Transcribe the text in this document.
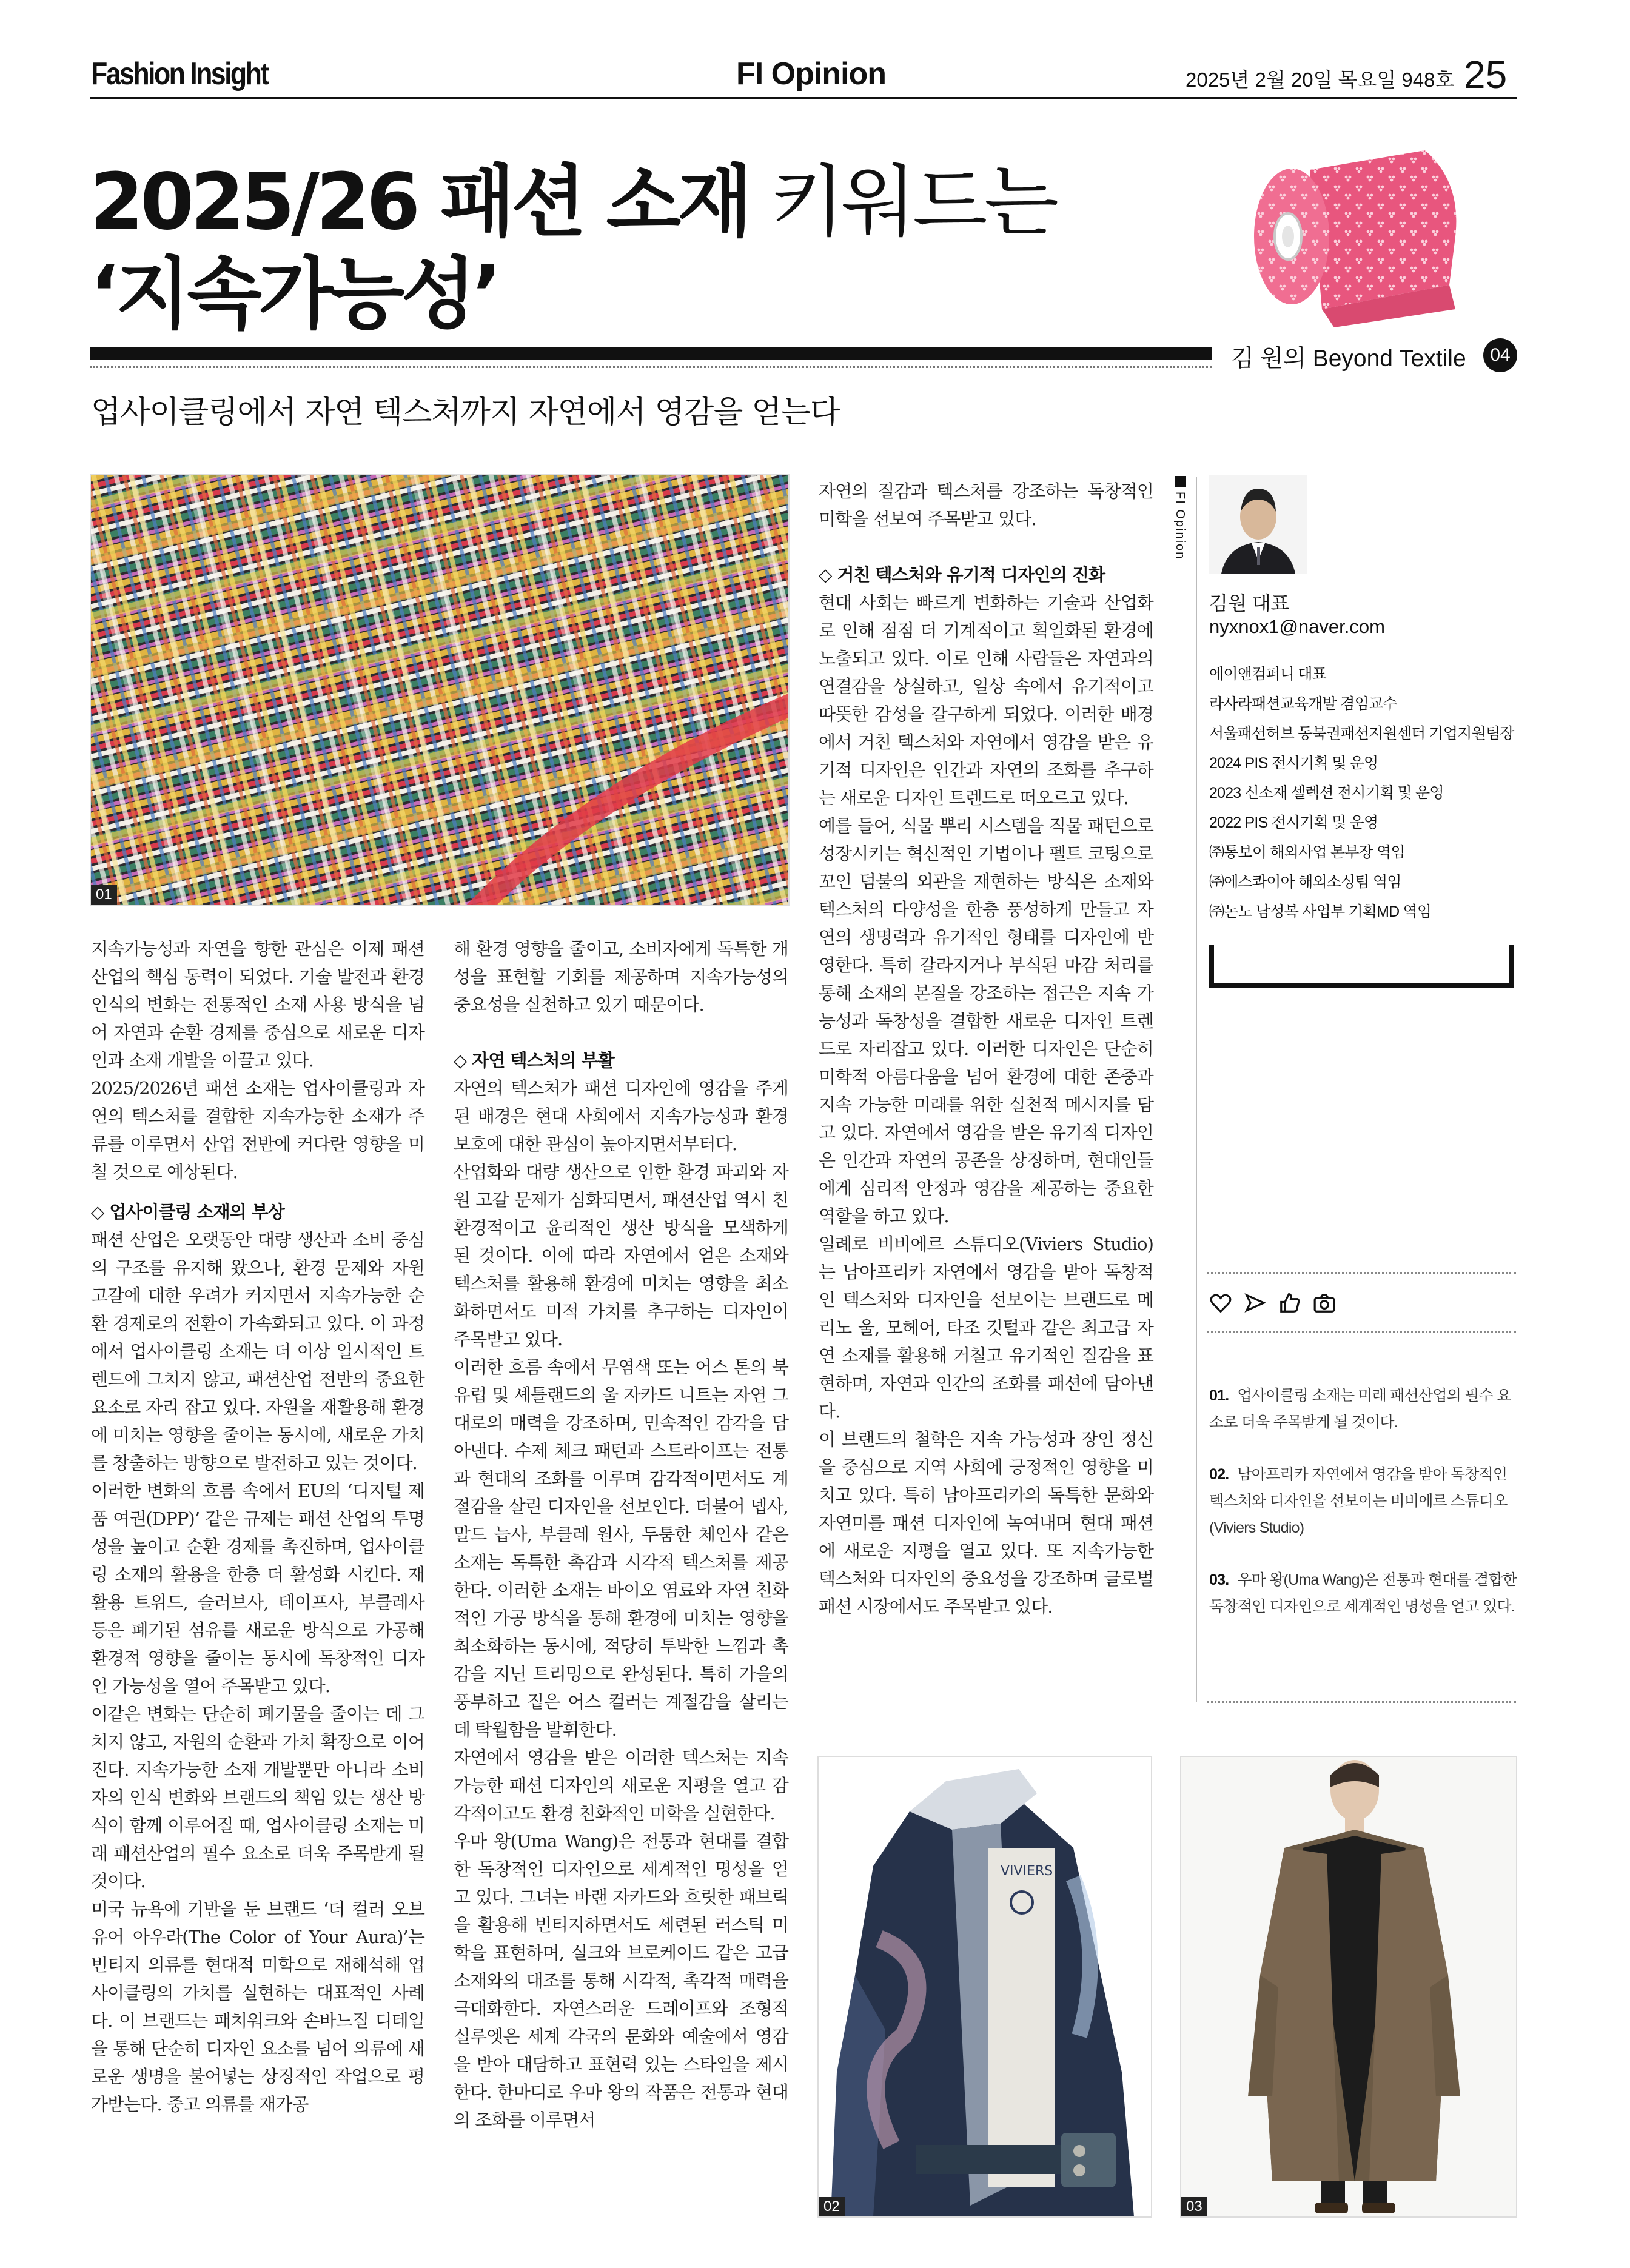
Fashion Insight	FI Opinion	2025년 2월 20일 목요일 948호 25
2025/26 패션 소재 키워드는
‘지속가능성’
김 원의 Beyond Textile	04
업사이클링에서 자연 텍스처까지 자연에서 영감을 얻는다
01

지속가능성과 자연을 향한 관심은 이제 패션산업의 핵심 동력이 되었다. 기술 발전과 환경 인식의 변화는 전통적인 소재 사용 방식을 넘어 자연과 순환 경제를 중심으로 새로운 디자인과 소재 개발을 이끌고 있다.

2025/2026년 패션 소재는 업사이클링과 자연의 텍스처를 결합한 지속가능한 소재가 주류를 이루면서 산업 전반에 커다란 영향을 미칠 것으로 예상된다.

◇ 업사이클링 소재의 부상

패션 산업은 오랫동안 대량 생산과 소비 중심의 구조를 유지해 왔으나, 환경 문제와 자원 고갈에 대한 우려가 커지면서 지속가능한 순환 경제로의 전환이 가속화되고 있다. 이 과정에서 업사이클링 소재는 더 이상 일시적인 트렌드에 그치지 않고, 패션산업 전반의 중요한 요소로 자리 잡고 있다. 자원을 재활용해 환경에 미치는 영향을 줄이는 동시에, 새로운 가치를 창출하는 방향으로 발전하고 있는 것이다.

이러한 변화의 흐름 속에서 EU의 ‘디지털 제품 여권(DPP)’ 같은 규제는 패션 산업의 투명성을 높이고 순환 경제를 촉진하며, 업사이클링 소재의 활용을 한층 더 활성화 시킨다. 재활용 트위드, 슬러브사, 테이프사, 부클레사 등은 폐기된 섬유를 새로운 방식으로 가공해 환경적 영향을 줄이는 동시에 독창적인 디자인 가능성을 열어 주목받고 있다.

이같은 변화는 단순히 폐기물을 줄이는 데 그치지 않고, 자원의 순환과 가치 확장으로 이어진다. 지속가능한 소재 개발뿐만 아니라 소비자의 인식 변화와 브랜드의 책임 있는 생산 방식이 함께 이루어질 때, 업사이클링 소재는 미래 패션산업의 필수 요소로 더욱 주목받게 될 것이다.

미국 뉴욕에 기반을 둔 브랜드 ‘더 컬러 오브 유어 아우라(The Color of Your Aura)’는 빈티지 의류를 현대적 미학으로 재해석해 업사이클링의 가치를 실현하는 대표적인 사례다. 이 브랜드는 패치워크와 손바느질 디테일을 통해 단순히 디자인 요소를 넘어 의류에 새로운 생명을 불어넣는 상징적인 작업으로 평가받는다. 중고 의류를 재가공

해 환경 영향을 줄이고, 소비자에게 독특한 개성을 표현할 기회를 제공하며 지속가능성의 중요성을 실천하고 있기 때문이다.

◇ 자연 텍스처의 부활

자연의 텍스처가 패션 디자인에 영감을 주게 된 배경은 현대 사회에서 지속가능성과 환경 보호에 대한 관심이 높아지면서부터다.

산업화와 대량 생산으로 인한 환경 파괴와 자원 고갈 문제가 심화되면서, 패션산업 역시 친환경적이고 윤리적인 생산 방식을 모색하게 된 것이다. 이에 따라 자연에서 얻은 소재와 텍스처를 활용해 환경에 미치는 영향을 최소화하면서도 미적 가치를 추구하는 디자인이 주목받고 있다.

이러한 흐름 속에서 무염색 또는 어스 톤의 북유럽 및 셰틀랜드의 울 자카드 니트는 자연 그대로의 매력을 강조하며, 민속적인 감각을 담아낸다. 수제 체크 패턴과 스트라이프는 전통과 현대의 조화를 이루며 감각적이면서도 계절감을 살린 디자인을 선보인다. 더불어 넵사, 말드 늡사, 부클레 원사, 두툼한 체인사 같은 소재는 독특한 촉감과 시각적 텍스처를 제공한다. 이러한 소재는 바이오 염료와 자연 친화적인 가공 방식을 통해 환경에 미치는 영향을 최소화하는 동시에, 적당히 투박한 느낌과 촉감을 지닌 트리밍으로 완성된다. 특히 가을의 풍부하고 짙은 어스 컬러는 계절감을 살리는 데 탁월함을 발휘한다.

자연에서 영감을 받은 이러한 텍스처는 지속가능한 패션 디자인의 새로운 지평을 열고 감각적이고도 환경 친화적인 미학을 실현한다.

우마 왕(Uma Wang)은 전통과 현대를 결합한 독창적인 디자인으로 세계적인 명성을 얻고 있다. 그녀는 바랜 자카드와 흐릿한 패브릭을 활용해 빈티지하면서도 세련된 러스틱 미학을 표현하며, 실크와 브로케이드 같은 고급 소재와의 대조를 통해 시각적, 촉각적 매력을 극대화한다. 자연스러운 드레이프와 조형적 실루엣은 세계 각국의 문화와 예술에서 영감을 받아 대담하고 표현력 있는 스타일을 제시한다. 한마디로 우마 왕의 작품은 전통과 현대의 조화를 이루면서

자연의 질감과 텍스처를 강조하는 독창적인 미학을 선보여 주목받고 있다.

◇ 거친 텍스처와 유기적 디자인의 진화

현대 사회는 빠르게 변화하는 기술과 산업화로 인해 점점 더 기계적이고 획일화된 환경에 노출되고 있다. 이로 인해 사람들은 자연과의 연결감을 상실하고, 일상 속에서 유기적이고 따뜻한 감성을 갈구하게 되었다. 이러한 배경에서 거친 텍스처와 자연에서 영감을 받은 유기적 디자인은 인간과 자연의 조화를 추구하는 새로운 디자인 트렌드로 떠오르고 있다.

예를 들어, 식물 뿌리 시스템을 직물 패턴으로 성장시키는 혁신적인 기법이나 펠트 코팅으로 꼬인 덤불의 외관을 재현하는 방식은 소재와 텍스처의 다양성을 한층 풍성하게 만들고 자연의 생명력과 유기적인 형태를 디자인에 반영한다. 특히 갈라지거나 부식된 마감 처리를 통해 소재의 본질을 강조하는 접근은 지속 가능성과 독창성을 결합한 새로운 디자인 트렌드로 자리잡고 있다. 이러한 디자인은 단순히 미학적 아름다움을 넘어 환경에 대한 존중과 지속 가능한 미래를 위한 실천적 메시지를 담고 있다. 자연에서 영감을 받은 유기적 디자인은 인간과 자연의 공존을 상징하며, 현대인들에게 심리적 안정과 영감을 제공하는 중요한 역할을 하고 있다.

일례로 비비에르 스튜디오(Viviers Studio)는 남아프리카 자연에서 영감을 받아 독창적인 텍스처와 디자인을 선보이는 브랜드로 메리노 울, 모헤어, 타조 깃털과 같은 최고급 자연 소재를 활용해 거칠고 유기적인 질감을 표현하며, 자연과 인간의 조화를 패션에 담아낸다.

이 브랜드의 철학은 지속 가능성과 장인 정신을 중심으로 지역 사회에 긍정적인 영향을 미치고 있다. 특히 남아프리카의 독특한 문화와 자연미를 패션 디자인에 녹여내며 현대 패션에 새로운 지평을 열고 있다. 또 지속가능한 텍스처와 디자인의 중요성을 강조하며 글로벌 패션 시장에서도 주목받고 있다.

VIVIERS
02	03
FI Opinion
김원 대표
nyxnox1@naver.com
에이앤컴퍼니 대표
라사라패션교육개발 겸임교수
서울패션허브 동북권패션지원센터 기업지원팀장
2024 PIS 전시기획 및 운영
2023 신소재 셀렉션 전시기획 및 운영
2022 PIS 전시기획 및 운영
㈜통보이 해외사업 본부장 역임
㈜에스콰이아 해외소싱팀 역임
㈜논노 남성복 사업부 기획MD 역임

01. 업사이클링 소재는 미래 패션산업의 필수 요소로 더욱 주목받게 될 것이다.
02. 남아프리카 자연에서 영감을 받아 독창적인 텍스처와 디자인을 선보이는 비비에르 스튜디오(Viviers Studio)
03. 우마 왕(Uma Wang)은 전통과 현대를 결합한 독창적인 디자인으로 세계적인 명성을 얻고 있다.
